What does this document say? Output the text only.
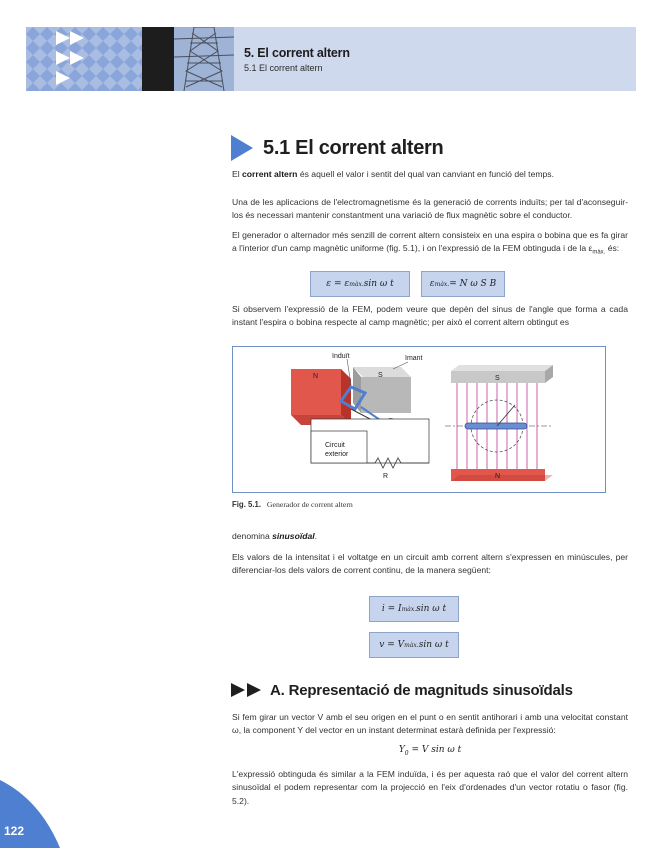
5. El corrent altern
5.1 El corrent altern
5.1 El corrent altern

El corrent altern és aquell el valor i sentit del qual van canviant en funció del temps.

Una de les aplicacions de l'electromagnetisme és la generació de corrents induïts; per tal d'aconseguir-los és necessari mantenir constantment una variació de flux magnètic sobre el conductor.

El generador o alternador més senzill de corrent altern consisteix en una espira o bobina que es fa girar a l'interior d'un camp magnètic uniforme (fig. 5.1), i on l'expressió de la FEM obtinguda i de la $\varepsilon_{màx.}$ és:

ε = ε màx. sin ω t	ε màx. = N ω S B

Si observem l'expressió de la FEM, podem veure que depèn del sinus de l'angle que forma a cada instant l'espira o bobina respecte al camp magnètic; per això el corrent altern obtingut es

N	S
Induït	Imant
Circuit
exterior
R
S
N
Fig. 5.1. Generador de corrent altern

denomina sinusoïdal.

Els valors de la intensitat i el voltatge en un circuit amb corrent altern s'expressen en minúscules, per diferenciar-los dels valors de corrent continu, de la manera següent:

i = I màx. sin ω t
v = V màx. sin ω t
A. Representació de magnituds sinusoïdals

Si fem girar un vector V amb el seu origen en el punt o en sentit antihorari i amb una velocitat constant ω, la component Y del vector en un instant determinat estarà definida per l'expressió:

$Y_0 = V$ sin ω t

L'expressió obtinguda és similar a la FEM induïda, i és per aquesta raó que el valor del corrent altern sinusoïdal el podem representar com la projecció en l'eix d'ordenades d'un vector rotatiu o fasor (fig. 5.2).

122
